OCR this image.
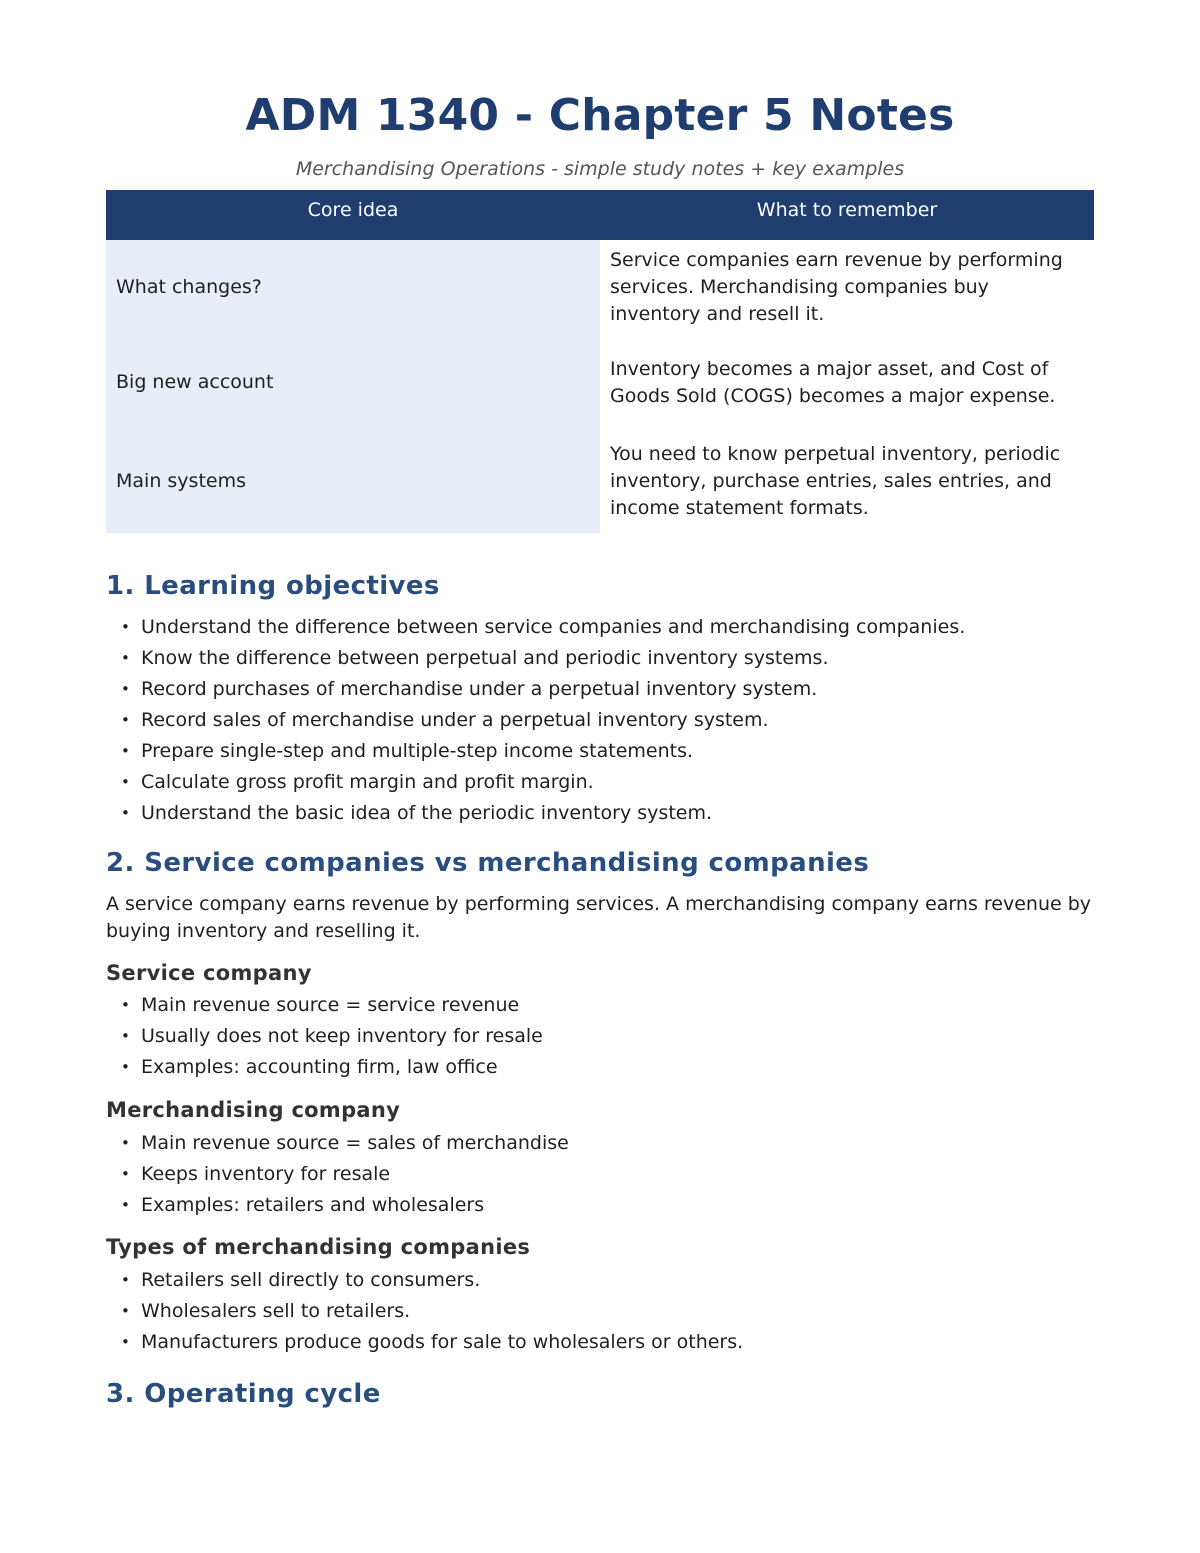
ADM 1340 - Chapter 5 Notes
Merchandising Operations - simple study notes + key examples
Core idea	What to remember
What changes?	Service companies earn revenue by performing services. Merchandising companies buy inventory and resell it.
Big new account	Inventory becomes a major asset, and Cost of Goods Sold (COGS) becomes a major expense.
Main systems	You need to know perpetual inventory, periodic inventory, purchase entries, sales entries, and income statement formats.
1. Learning objectives
• Understand the difference between service companies and merchandising companies.
• Know the difference between perpetual and periodic inventory systems.
• Record purchases of merchandise under a perpetual inventory system.
• Record sales of merchandise under a perpetual inventory system.
• Prepare single-step and multiple-step income statements.
• Calculate gross profit margin and profit margin.
• Understand the basic idea of the periodic inventory system.
2. Service companies vs merchandising companies

A service company earns revenue by performing services. A merchandising company earns revenue by buying inventory and reselling it.

Service company
• Main revenue source = service revenue
• Usually does not keep inventory for resale
• Examples: accounting firm, law office
Merchandising company
• Main revenue source = sales of merchandise
• Keeps inventory for resale
• Examples: retailers and wholesalers
Types of merchandising companies
• Retailers sell directly to consumers.
• Wholesalers sell to retailers.
• Manufacturers produce goods for sale to wholesalers or others.
3. Operating cycle
